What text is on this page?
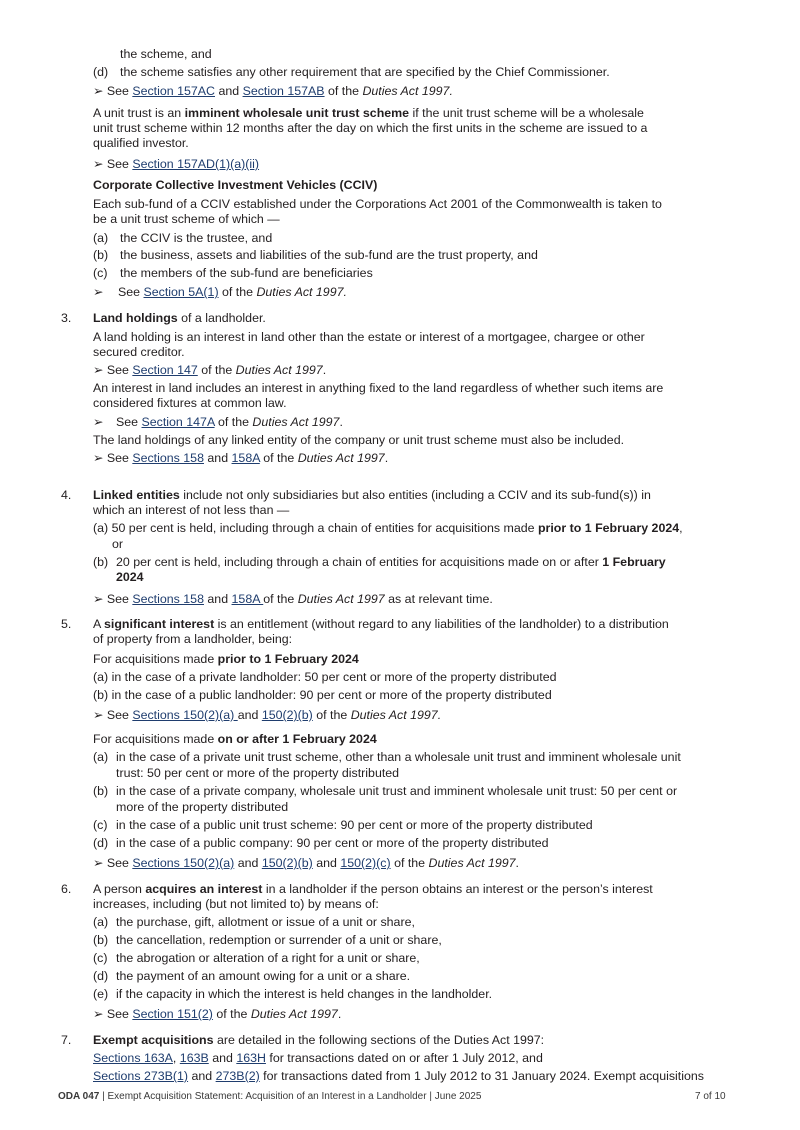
the scheme, and
(d) the scheme satisfies any other requirement that are specified by the Chief Commissioner.
➢ See Section 157AC and Section 157AB of the Duties Act 1997.
A unit trust is an imminent wholesale unit trust scheme if the unit trust scheme will be a wholesale
unit trust scheme within 12 months after the day on which the first units in the scheme are issued to a
qualified investor.
➢ See Section 157AD(1)(a)(ii)
Corporate Collective Investment Vehicles (CCIV)
Each sub-fund of a CCIV established under the Corporations Act 2001 of the Commonwealth is taken to
be a unit trust scheme of which —
(a) the CCIV is the trustee, and
(b) the business, assets and liabilities of the sub-fund are the trust property, and
(c) the members of the sub-fund are beneficiaries
➢ See Section 5A(1) of the Duties Act 1997.
3. Land holdings of a landholder.
A land holding is an interest in land other than the estate or interest of a mortgagee, chargee or other
secured creditor.
➢ See Section 147 of the Duties Act 1997.
An interest in land includes an interest in anything fixed to the land regardless of whether such items are
considered fixtures at common law.
➢ See Section 147A of the Duties Act 1997.
The land holdings of any linked entity of the company or unit trust scheme must also be included.
➢ See Sections 158 and 158A of the Duties Act 1997.
4. Linked entities include not only subsidiaries but also entities (including a CCIV and its sub-fund(s)) in
which an interest of not less than —
(a) 50 per cent is held, including through a chain of entities for acquisitions made prior to 1 February 2024,
or
(b) 20 per cent is held, including through a chain of entities for acquisitions made on or after 1 February
2024
➢ See Sections 158 and 158A of the Duties Act 1997 as at relevant time.
5. A significant interest is an entitlement (without regard to any liabilities of the landholder) to a distribution
of property from a landholder, being:
For acquisitions made prior to 1 February 2024
(a) in the case of a private landholder: 50 per cent or more of the property distributed
(b) in the case of a public landholder: 90 per cent or more of the property distributed
➢ See Sections 150(2)(a) and 150(2)(b) of the Duties Act 1997.
For acquisitions made on or after 1 February 2024
(a) in the case of a private unit trust scheme, other than a wholesale unit trust and imminent wholesale unit
trust: 50 per cent or more of the property distributed
(b) in the case of a private company, wholesale unit trust and imminent wholesale unit trust: 50 per cent or
more of the property distributed
(c) in the case of a public unit trust scheme: 90 per cent or more of the property distributed
(d) in the case of a public company: 90 per cent or more of the property distributed
➢ See Sections 150(2)(a) and 150(2)(b) and 150(2)(c) of the Duties Act 1997.
6. A person acquires an interest in a landholder if the person obtains an interest or the person’s interest
increases, including (but not limited to) by means of:
(a) the purchase, gift, allotment or issue of a unit or share,
(b) the cancellation, redemption or surrender of a unit or share,
(c) the abrogation or alteration of a right for a unit or share,
(d) the payment of an amount owing for a unit or a share.
(e) if the capacity in which the interest is held changes in the landholder.
➢ See Section 151(2) of the Duties Act 1997.
7. Exempt acquisitions are detailed in the following sections of the Duties Act 1997:
Sections 163A, 163B and 163H for transactions dated on or after 1 July 2012, and
Sections 273B(1) and 273B(2) for transactions dated from 1 July 2012 to 31 January 2024. Exempt acquisitions
ODA 047 | Exempt Acquisition Statement: Acquisition of an Interest in a Landholder | June 2025	7 of 10
